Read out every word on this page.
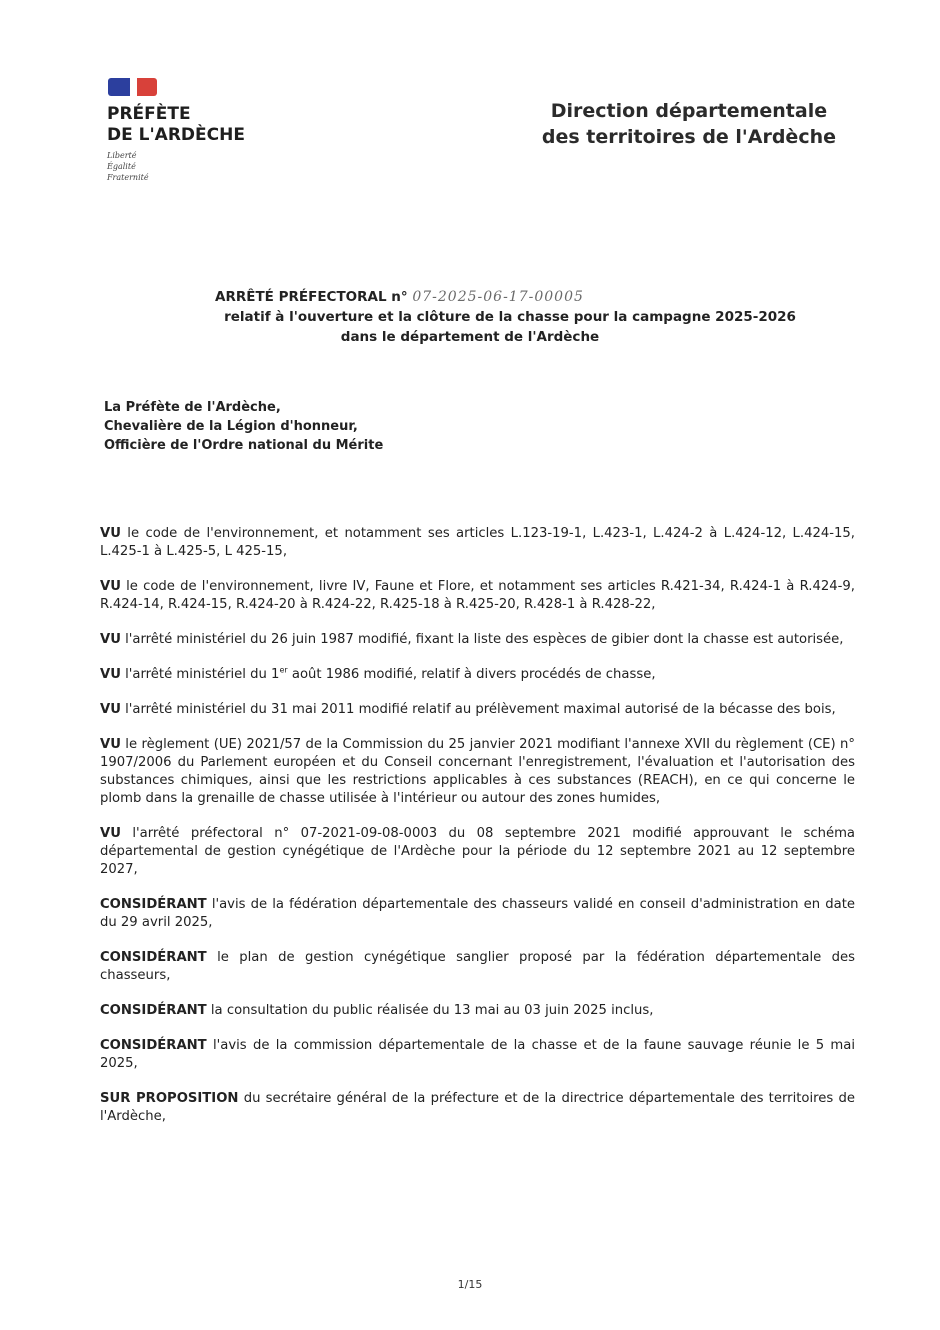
PRÉFÈTE
DE L'ARDÈCHE
Liberté
Égalité
Fraternité
Direction départementale
des territoires de l'Ardèche
ARRÊTÉ PRÉFECTORAL n° 07-2025-06-17-00005
relatif à l'ouverture et la clôture de la chasse pour la campagne 2025-2026
dans le département de l'Ardèche
La Préfète de l'Ardèche,
Chevalière de la Légion d'honneur,
Officière de l'Ordre national du Mérite

VU le code de l'environnement, et notamment ses articles L.123-19-1, L.423-1, L.424-2 à L.424-12, L.424-15, L.425-1 à L.425-5, L 425-15,

VU le code de l'environnement, livre IV, Faune et Flore, et notamment ses articles R.421-34, R.424-1 à R.424-9, R.424-14, R.424-15, R.424-20 à R.424-22, R.425-18 à R.425-20, R.428-1 à R.428-22,

VU l'arrêté ministériel du 26 juin 1987 modifié, fixant la liste des espèces de gibier dont la chasse est autorisée,

VU l'arrêté ministériel du 1er août 1986 modifié, relatif à divers procédés de chasse,

VU l'arrêté ministériel du 31 mai 2011 modifié relatif au prélèvement maximal autorisé de la bécasse des bois,

VU le règlement (UE) 2021/57 de la Commission du 25 janvier 2021 modifiant l'annexe XVII du règlement (CE) n° 1907/2006 du Parlement européen et du Conseil concernant l'enregistrement, l'évaluation et l'autorisation des substances chimiques, ainsi que les restrictions applicables à ces substances (REACH), en ce qui concerne le plomb dans la grenaille de chasse utilisée à l'intérieur ou autour des zones humides,

VU l'arrêté préfectoral n° 07-2021-09-08-0003 du 08 septembre 2021 modifié approuvant le schéma départemental de gestion cynégétique de l'Ardèche pour la période du 12 septembre 2021 au 12 septembre 2027,

CONSIDÉRANT l'avis de la fédération départementale des chasseurs validé en conseil d'administration en date du 29 avril 2025,

CONSIDÉRANT le plan de gestion cynégétique sanglier proposé par la fédération départementale des chasseurs,

CONSIDÉRANT la consultation du public réalisée du 13 mai au 03 juin 2025 inclus,

CONSIDÉRANT l'avis de la commission départementale de la chasse et de la faune sauvage réunie le 5 mai 2025,

SUR PROPOSITION du secrétaire général de la préfecture et de la directrice départementale des territoires de l'Ardèche,

1/15
